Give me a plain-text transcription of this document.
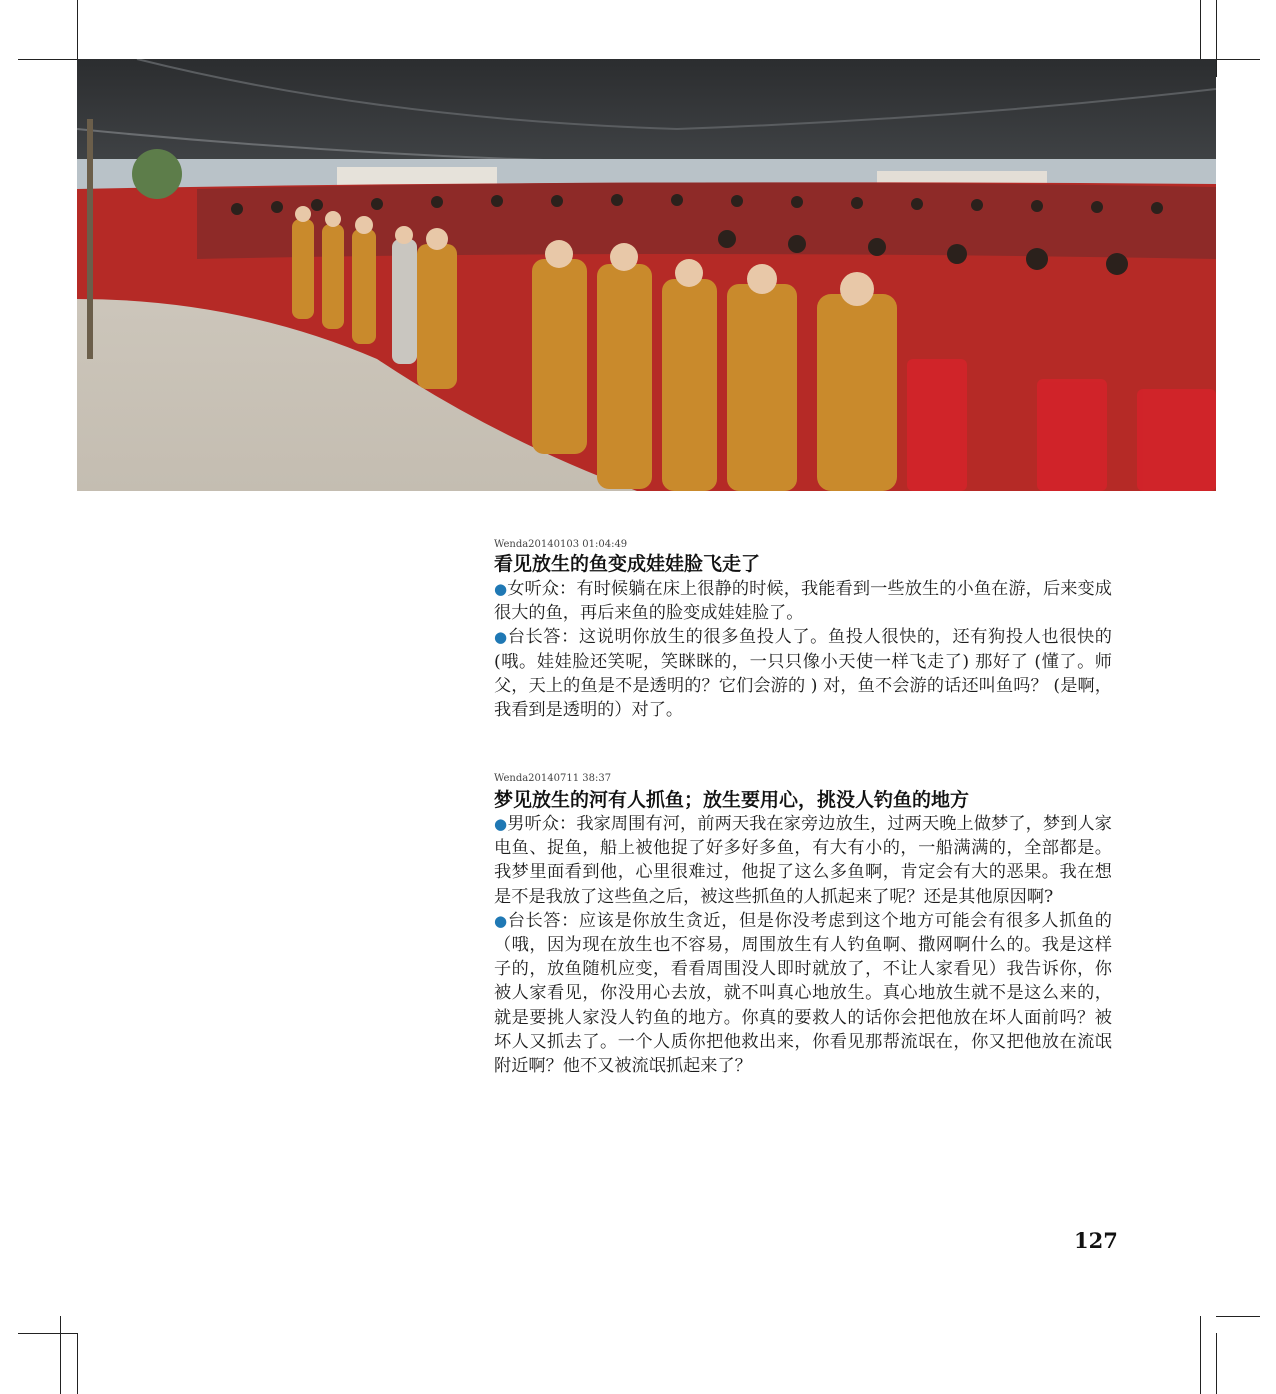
Wenda20140103 01:04:49
看见放生的鱼变成娃娃脸飞走了

●女听众：有时候躺在床上很静的时候，我能看到一些放生的小鱼在游，后来变成很大的鱼，再后来鱼的脸变成娃娃脸了。

●台长答：这说明你放生的很多鱼投人了。鱼投人很快的，还有狗投人也很快的 (哦。娃娃脸还笑呢，笑眯眯的，一只只像小天使一样飞走了) 那好了 (懂了。师父，天上的鱼是不是透明的？它们会游的 ) 对，鱼不会游的话还叫鱼吗？ (是啊，我看到是透明的）对了。

Wenda20140711 38:37
梦见放生的河有人抓鱼；放生要用心，挑没人钓鱼的地方

●男听众：我家周围有河，前两天我在家旁边放生，过两天晚上做梦了，梦到人家电鱼、捉鱼，船上被他捉了好多好多鱼，有大有小的，一船满满的，全部都是。我梦里面看到他，心里很难过，他捉了这么多鱼啊，肯定会有大的恶果。我在想是不是我放了这些鱼之后，被这些抓鱼的人抓起来了呢？还是其他原因啊?

●台长答：应该是你放生贪近，但是你没考虑到这个地方可能会有很多人抓鱼的（哦，因为现在放生也不容易，周围放生有人钓鱼啊、撒网啊什么的。我是这样子的，放鱼随机应变，看看周围没人即时就放了，不让人家看见）我告诉你，你被人家看见，你没用心去放，就不叫真心地放生。真心地放生就不是这么来的，就是要挑人家没人钓鱼的地方。你真的要救人的话你会把他放在坏人面前吗？被坏人又抓去了。一个人质你把他救出来，你看见那帮流氓在，你又把他放在流氓附近啊？他不又被流氓抓起来了？

127
